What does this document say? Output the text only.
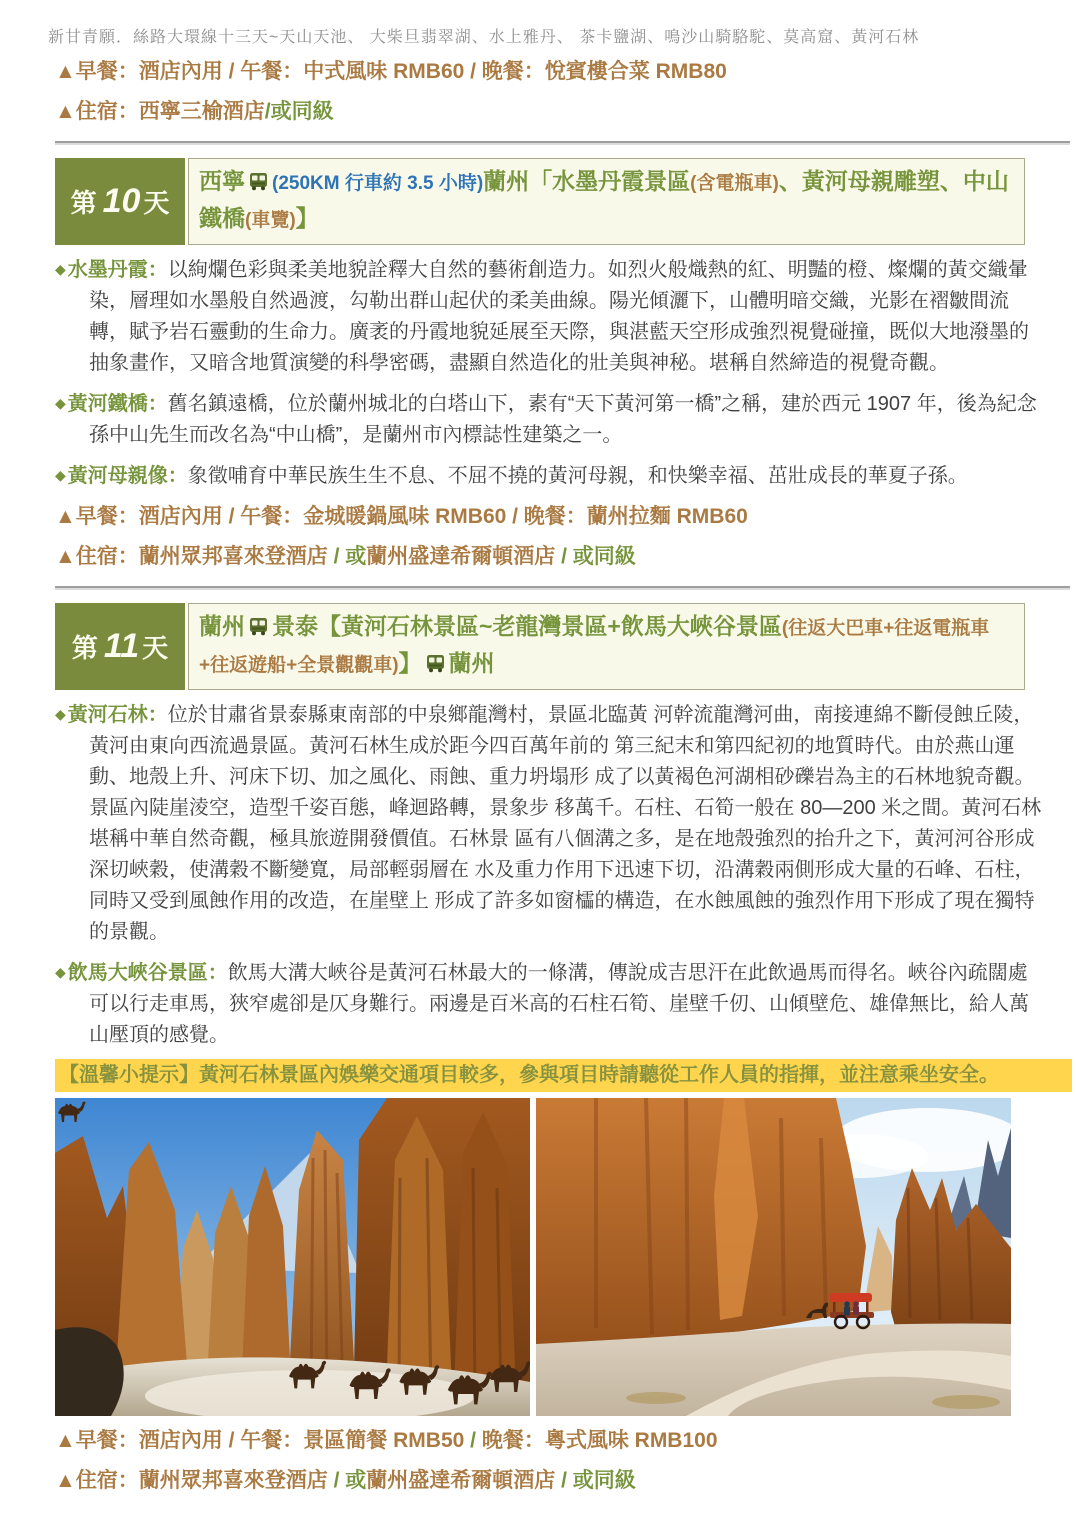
新甘青願．絲路大環線十三天~天山天池、 大柴旦翡翠湖、水上雅丹、 茶卡鹽湖、鳴沙山騎駱駝、莫高窟、黃河石林
▲早餐：酒店內用 / 午餐：中式風味 RMB60 / 晚餐：悅賓樓合菜 RMB80
▲住宿：西寧三榆酒店/或同級
第 10 天
西寧 (250KM 行車約 3.5 小時)蘭州「水墨丹霞景區(含電瓶車)、黃河母親雕塑、中山鐵橋(車覽)】
◆ 水墨丹霞：以絢爛色彩與柔美地貌詮釋大自然的藝術創造力。如烈火般熾熱的紅、明豔的橙、燦爛的黃交織暈染，層理如水墨般自然過渡，勾勒出群山起伏的柔美曲線。陽光傾灑下，山體明暗交織，光影在褶皺間流轉，賦予岩石靈動的生命力。廣袤的丹霞地貌延展至天際，與湛藍天空形成強烈視覺碰撞，既似大地潑墨的抽象畫作，又暗含地質演變的科學密碼，盡顯自然造化的壯美與神秘。堪稱自然締造的視覺奇觀。
◆ 黃河鐵橋：舊名鎮遠橋，位於蘭州城北的白塔山下，素有“天下黃河第一橋”之稱，建於西元 1907 年，後為紀念孫中山先生而改名為“中山橋”，是蘭州市內標誌性建築之一。
◆ 黃河母親像：象徵哺育中華民族生生不息、不屈不撓的黃河母親，和快樂幸福、茁壯成長的華夏子孫。
▲早餐：酒店內用 / 午餐：金城暖鍋風味 RMB60 / 晚餐：蘭州拉麵 RMB60
▲住宿：蘭州眾邦喜來登酒店 / 或蘭州盛達希爾頓酒店 / 或同級
第 11 天
蘭州 景泰【黃河石林景區~老龍灣景區+飲馬大峽谷景區(往返大巴車+往返電瓶車+往返遊船+全景觀觀車)】 蘭州
◆ 黃河石林：位於甘肅省景泰縣東南部的中泉鄉龍灣村，景區北臨黃 河幹流龍灣河曲，南接連綿不斷侵蝕丘陵，黃河由東向西流過景區。黃河石林生成於距今四百萬年前的 第三紀末和第四紀初的地質時代。由於燕山運動、地殼上升、河床下切、加之風化、雨蝕、重力坍塌形 成了以黃褐色河湖相砂礫岩為主的石林地貌奇觀。景區內陡崖淩空，造型千姿百態，峰迴路轉，景象步 移萬千。石柱、石筍一般在 80—200 米之間。黃河石林堪稱中華自然奇觀，極具旅遊開發價值。石林景 區有八個溝之多，是在地殼強烈的抬升之下，黃河河谷形成深切峽穀，使溝穀不斷變寬，局部輕弱層在 水及重力作用下迅速下切，沿溝穀兩側形成大量的石峰、石柱，同時又受到風蝕作用的改造，在崖壁上 形成了許多如窗櫺的構造，在水蝕風蝕的強烈作用下形成了現在獨特的景觀。
◆ 飲馬大峽谷景區：飲馬大溝大峽谷是黃河石林最大的一條溝，傳說成吉思汗在此飲過馬而得名。峽谷內疏闊處可以行走車馬，狹窄處卻是仄身難行。兩邊是百米高的石柱石筍、崖壁千仞、山傾壁危、雄偉無比，給人萬山壓頂的感覺。
【溫馨小提示】黃河石林景區內娛樂交通項目較多，參與項目時請聽從工作人員的指揮，並注意乘坐安全。
▲早餐：酒店內用 / 午餐：景區簡餐 RMB50 / 晚餐：粵式風味 RMB100
▲住宿：蘭州眾邦喜來登酒店 / 或蘭州盛達希爾頓酒店 / 或同級
